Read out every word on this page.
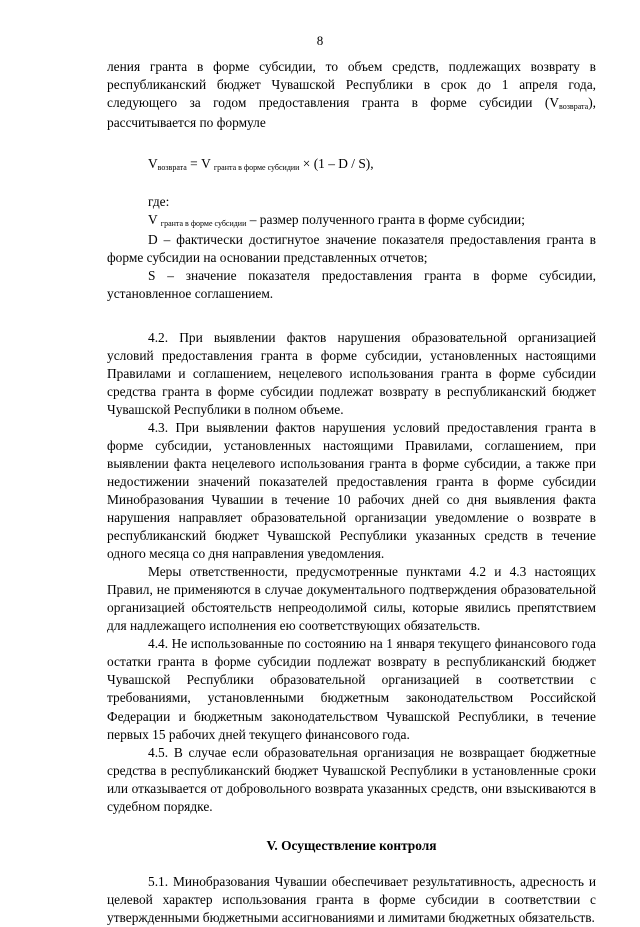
8

ления гранта в форме субсидии, то объем средств, подлежащих возврату в республиканский бюджет Чувашской Республики в срок до 1 апреля года, следующего за годом предоставления гранта в форме субсидии (Vвозврата), рассчитывается по формуле

Vвозврата = V гранта в форме субсидии × (1 – D / S),

где:

V гранта в форме субсидии – размер полученного гранта в форме субсидии;

D – фактически достигнутое значение показателя предоставления гранта в форме субсидии на основании представленных отчетов;

S – значение показателя предоставления гранта в форме субсидии, установленное соглашением.

4.2. При выявлении фактов нарушения образовательной организацией условий предоставления гранта в форме субсидии, установленных настоящими Правилами и соглашением, нецелевого использования гранта в форме субсидии средства гранта в форме субсидии подлежат возврату в республиканский бюджет Чувашской Республики в полном объеме.

4.3. При выявлении фактов нарушения условий предоставления гранта в форме субсидии, установленных настоящими Правилами, соглашением, при выявлении факта нецелевого использования гранта в форме субсидии, а также при недостижении значений показателей предоставления гранта в форме субсидии Минобразования Чувашии в течение 10 рабочих дней со дня выявления факта нарушения направляет образовательной организации уведомление о возврате в республиканский бюджет Чувашской Республики указанных средств в течение одного месяца со дня направления уведомления.

Меры ответственности, предусмотренные пунктами 4.2 и 4.3 настоящих Правил, не применяются в случае документального подтверждения образовательной организацией обстоятельств непреодолимой силы, которые явились препятствием для надлежащего исполнения ею соответствующих обязательств.

4.4. Не использованные по состоянию на 1 января текущего финансового года остатки гранта в форме субсидии подлежат возврату в республиканский бюджет Чувашской Республики образовательной организацией в соответствии с требованиями, установленными бюджетным законодательством Российской Федерации и бюджетным законодательством Чувашской Республики, в течение первых 15 рабочих дней текущего финансового года.

4.5. В случае если образовательная организация не возвращает бюджетные средства в республиканский бюджет Чувашской Республики в установленные сроки или отказывается от добровольного возврата указанных средств, они взыскиваются в судебном порядке.

V. Осуществление контроля

5.1. Минобразования Чувашии обеспечивает результативность, адресность и целевой характер использования гранта в форме субсидии в соответствии с утвержденными бюджетными ассигнованиями и лимитами бюджетных обязательств.
